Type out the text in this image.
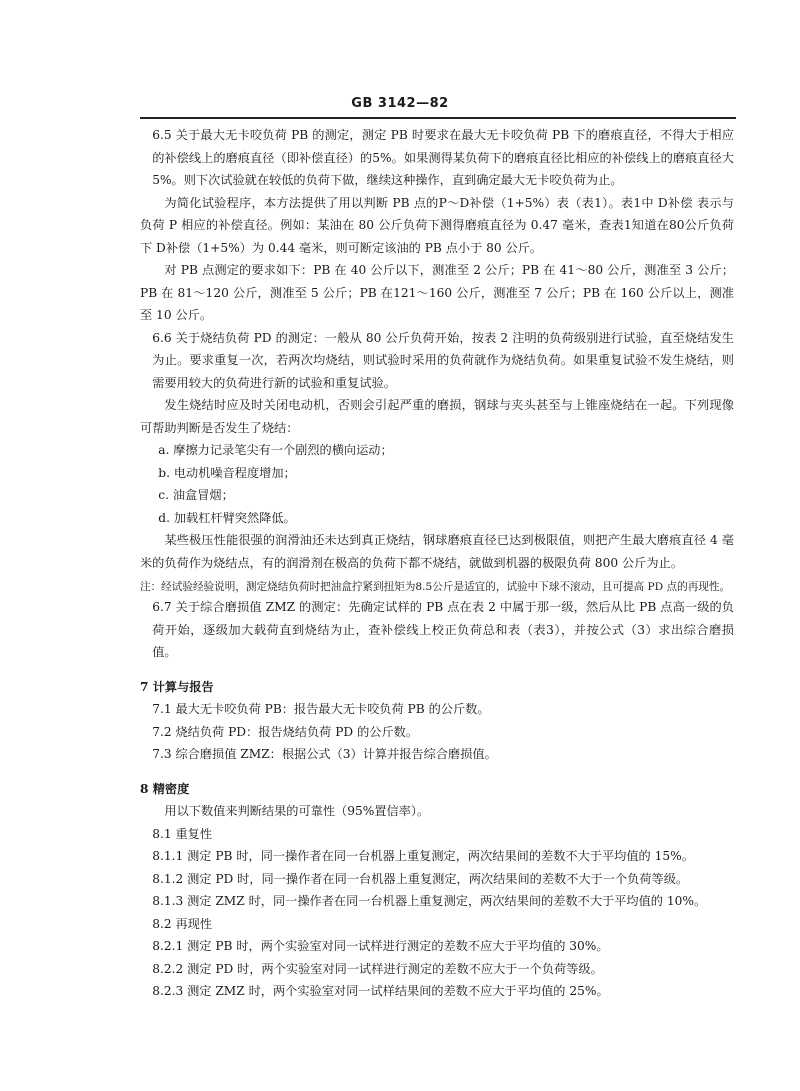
GB 3142—82

6.5 关于最大无卡咬负荷 PB 的测定，测定 PB 时要求在最大无卡咬负荷 PB 下的磨痕直径，不得大于相应的补偿线上的磨痕直径（即补偿直径）的5%。如果测得某负荷下的磨痕直径比相应的补偿线上的磨痕直径大5%。则下次试验就在较低的负荷下做，继续这种操作，直到确定最大无卡咬负荷为止。

为简化试验程序，本方法提供了用以判断 PB 点的P～D补偿（1+5%）表（表1）。表1中 D补偿 表示与负荷 P 相应的补偿直径。例如：某油在 80 公斤负荷下测得磨痕直径为 0.47 毫米，查表1知道在80公斤负荷下 D补偿（1+5%）为 0.44 毫米，则可断定该油的 PB 点小于 80 公斤。

对 PB 点测定的要求如下：PB 在 40 公斤以下，测准至 2 公斤；PB 在 41～80 公斤，测准至 3 公斤；PB 在 81～120 公斤，测准至 5 公斤；PB 在121～160 公斤，测准至 7 公斤；PB 在 160 公斤以上，测准至 10 公斤。

6.6 关于烧结负荷 PD 的测定：一般从 80 公斤负荷开始，按表 2 注明的负荷级别进行试验，直至烧结发生为止。要求重复一次，若两次均烧结，则试验时采用的负荷就作为烧结负荷。如果重复试验不发生烧结，则需要用较大的负荷进行新的试验和重复试验。

发生烧结时应及时关闭电动机，否则会引起严重的磨损，钢球与夹头甚至与上锥座烧结在一起。下列现像可帮助判断是否发生了烧结：

a. 摩擦力记录笔尖有一个剧烈的横向运动；

b. 电动机噪音程度增加；

c. 油盒冒烟；

d. 加载杠杆臂突然降低。

某些极压性能很强的润滑油还未达到真正烧结，钢球磨痕直径已达到极限值，则把产生最大磨痕直径 4 毫米的负荷作为烧结点，有的润滑剂在极高的负荷下都不烧结，就做到机器的极限负荷 800 公斤为止。

注：经试验经验说明，测定烧结负荷时把油盒拧紧到扭矩为8.5公斤是适宜的，试验中下球不滚动，且可提高 PD 点的再现性。

6.7 关于综合磨损值 ZMZ 的测定：先确定试样的 PB 点在表 2 中属于那一级，然后从比 PB 点高一级的负荷开始，逐级加大载荷直到烧结为止，查补偿线上校正负荷总和表（表3），并按公式（3）求出综合磨损值。

7 计算与报告

7.1 最大无卡咬负荷 PB：报告最大无卡咬负荷 PB 的公斤数。

7.2 烧结负荷 PD：报告烧结负荷 PD 的公斤数。

7.3 综合磨损值 ZMZ：根据公式（3）计算并报告综合磨损值。

8 精密度

用以下数值来判断结果的可靠性（95%置信率）。

8.1 重复性

8.1.1 测定 PB 时，同一操作者在同一台机器上重复测定，两次结果间的差数不大于平均值的 15%。

8.1.2 测定 PD 时，同一操作者在同一台机器上重复测定，两次结果间的差数不大于一个负荷等级。

8.1.3 测定 ZMZ 时，同一操作者在同一台机器上重复测定，两次结果间的差数不大于平均值的 10%。

8.2 再现性

8.2.1 测定 PB 时，两个实验室对同一试样进行测定的差数不应大于平均值的 30%。

8.2.2 测定 PD 时，两个实验室对同一试样进行测定的差数不应大于一个负荷等级。

8.2.3 测定 ZMZ 时，两个实验室对同一试样结果间的差数不应大于平均值的 25%。
